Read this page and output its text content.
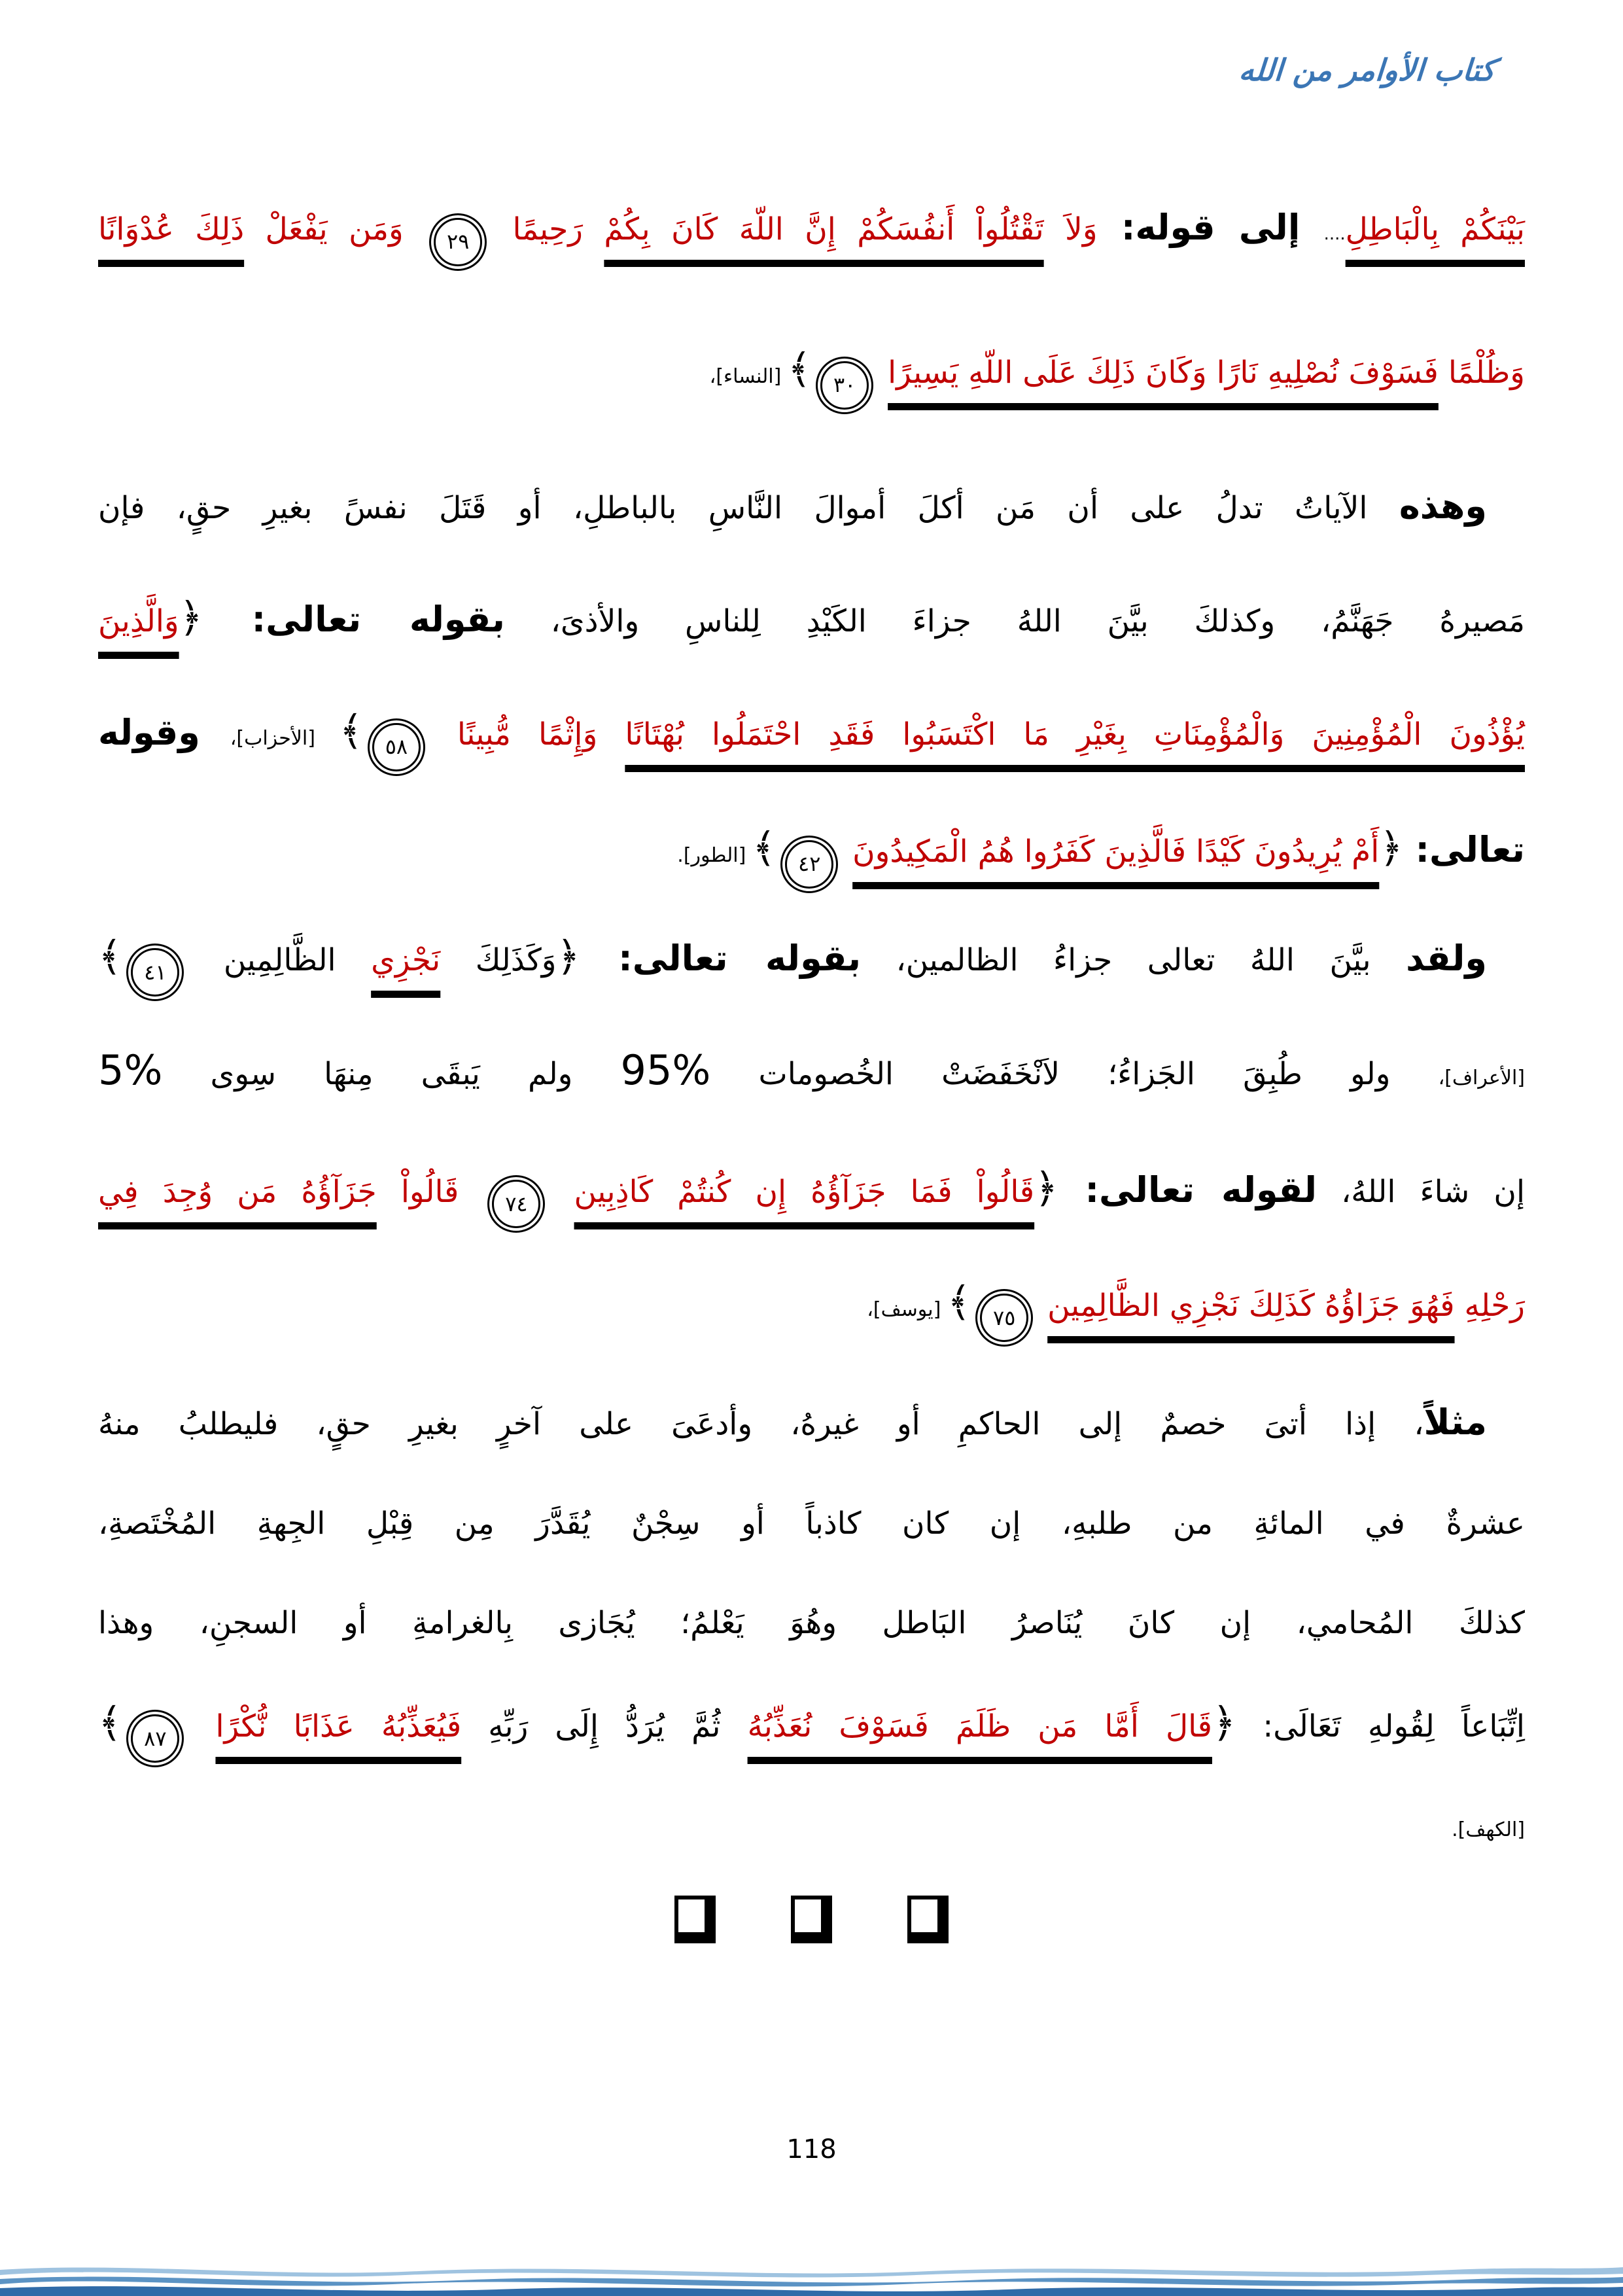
كتاب الأوامر من الله
بَيْنَكُمْ بِالْبَاطِلِ.... إلى قوله: وَلاَ تَقْتُلُواْ أَنفُسَكُمْ إِنَّ اللّهَ كَانَ بِكُمْ رَحِيمًا ٢٩ وَمَن يَفْعَلْ ذَلِكَ عُدْوَانًا
وَظُلْمًا فَسَوْفَ نُصْلِيهِ نَارًا وَكَانَ ذَلِكَ عَلَى اللّهِ يَسِيرًا ٣٠﴾ [النساء]،
وهذه الآياتُ تدلُ على أن مَن أكلَ أموالَ النَّاسِ بالباطلِ، أو قَتَلَ نفسً بغيرِ حقٍ، فإن
مَصيرهُ جَهَنَّمُ، وكذلكَ بيَّنَ اللهُ جزاءَ الكَيْدِ لِلناسِ والأذىَ، بقوله تعالى: ﴿وَالَّذِينَ
يُؤْذُونَ الْمُؤْمِنِينَ وَالْمُؤْمِنَاتِ بِغَيْرِ مَا اكْتَسَبُوا فَقَدِ احْتَمَلُوا بُهْتَانًا وَإِثْمًا مُّبِينًا ٥٨﴾ [الأحزاب]، وقوله
تعالى: ﴿أَمْ يُرِيدُونَ كَيْدًا فَالَّذِينَ كَفَرُوا هُمُ الْمَكِيدُونَ ٤٢﴾ [الطور].
ولقد بيَّنَ اللهُ تعالى جزاءُ الظالمين، بقوله تعالى: ﴿وَكَذَلِكَ نَجْزِي الظَّالِمِين ٤١﴾
[الأعراف]، ولو طُبِقَ الجَزاءُ؛ لاَنْخَفَضَتْ الخُصومات %95 ولم يَبقَى مِنهَا سِوى %5
إن شاءَ اللهُ، لقوله تعالى: ﴿قَالُواْ فَمَا جَزَآؤُهُ إِن كُنتُمْ كَاذِبِين ٧٤ قَالُواْ جَزَآؤُهُ مَن وُجِدَ فِي
رَحْلِهِ فَهُوَ جَزَاؤُهُ كَذَلِكَ نَجْزِي الظَّالِمِين ٧٥﴾ [يوسف]،
مثلاً، إذا أتىَ خصمٌ إلى الحاكمِ أو غيرهُ، وأدعَىَ على آخرٍ بغيرِ حقٍ، فليطلبُ منهُ
عشرةٌ في المائةِ من طلبهِ، إن كان كاذباً أو سِجْنٌ يُقَدَّرَ مِن قِبْلِ الجِهةِ المُخْتَصةِ،
كذلكَ المُحامي، إن كانَ يُنَاصرُ البَاطل وهُوَ يَعْلمُ؛ يُجَازى بِالغرامةِ أو السجنِ، وهذا
اِتِّبَاعاً لِقُولهِ تَعَالَى: ﴿قَالَ أَمَّا مَن ظَلَمَ فَسَوْفَ نُعَذِّبُهُ ثُمَّ يُرَدُّ إِلَى رَبِّهِ فَيُعَذِّبُهُ عَذَابًا نُّكْرًا ٨٧﴾
[الكهف].
118
